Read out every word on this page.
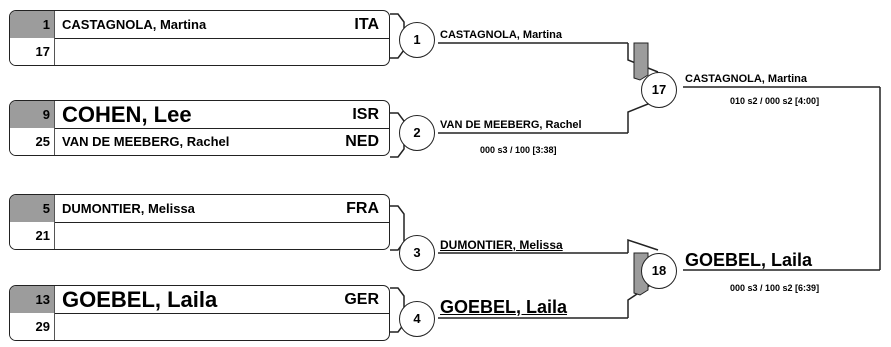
1 CASTAGNOLA, Martina	ITA
17
9 COHEN, Lee	ISR
25 VAN DE MEEBERG, Rachel	NED
5 DUMONTIER, Melissa	FRA
21
13 GOEBEL, Laila	GER
29
1
2
3
4
CASTAGNOLA, Martina
VAN DE MEEBERG, Rachel
000 s3 / 100 [3:38]
DUMONTIER, Melissa
GOEBEL, Laila
17
18
CASTAGNOLA, Martina
010 s2 / 000 s2 [4:00]
GOEBEL, Laila
000 s3 / 100 s2 [6:39]
